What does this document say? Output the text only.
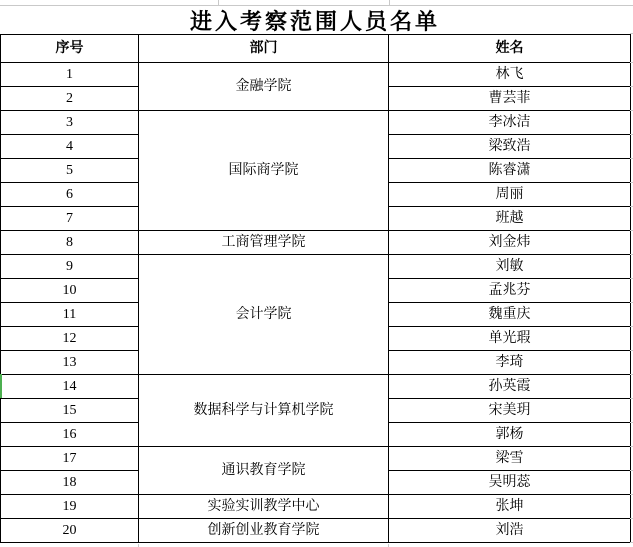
进入考察范围人员名单
序号	部门	姓名
1	金融学院	林飞
2		曹芸菲
3	国际商学院	李冰洁
4		梁致浩
5		陈睿潇
6		周丽
7		班越
8	工商管理学院	刘金炜
9	会计学院	刘敏
10		孟兆芬
11		魏重庆
12		单光瑕
13		李琦
14	数据科学与计算机学院	孙英霞
15		宋美玥
16		郭杨
17	通识教育学院	梁雪
18		吴明蕊
19	实验实训教学中心	张坤
20	创新创业教育学院	刘浩
